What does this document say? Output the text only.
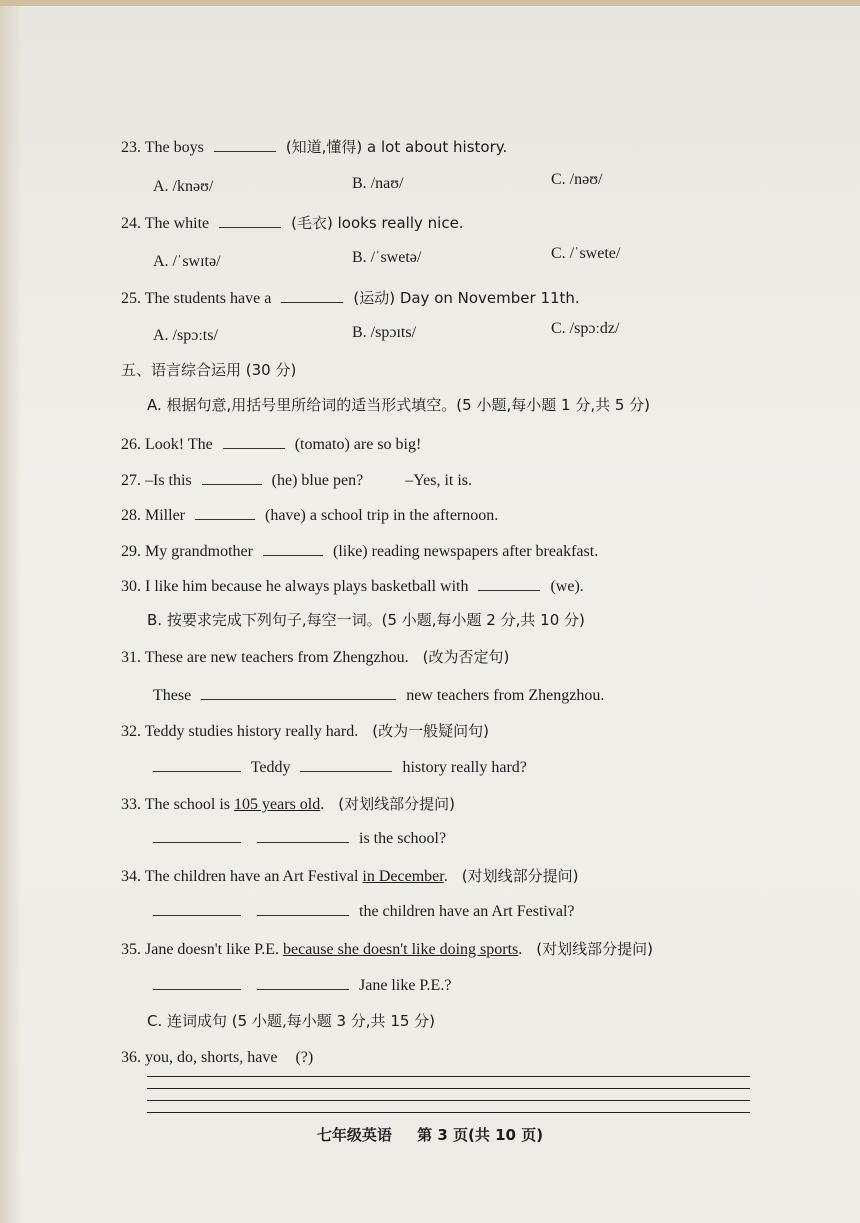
23. The boys	(知道,懂得) a lot about history.
A. /knəʊ/	B. /naʊ/	C. /nəʊ/
24. The white	(毛衣) looks really nice.
A. /ˈswɪtə/	B. /ˈswetə/	C. /ˈswete/
25. The students have a	(运动) Day on November 11th.
A. /spɔːts/	B. /spɔɪts/	C. /spɔːdz/
五、语言综合运用 (30 分)
A. 根据句意,用括号里所给词的适当形式填空。(5 小题,每小题 1 分,共 5 分)
26. Look! The	(tomato) are so big!
27. –Is this	(he) blue pen?	–Yes, it is.
28. Miller	(have) a school trip in the afternoon.
29. My grandmother	(like) reading newspapers after breakfast.
30. I like him because he always plays basketball with	(we).
B. 按要求完成下列句子,每空一词。(5 小题,每小题 2 分,共 10 分)
31. These are new teachers from Zhengzhou. (改为否定句)
These	new teachers from Zhengzhou.
32. Teddy studies history really hard. (改为一般疑问句)
Teddy	history really hard?
33. The school is 105 years old. (对划线部分提问)
is the school?
34. The children have an Art Festival in December. (对划线部分提问)
the children have an Art Festival?
35. Jane doesn't like P.E. because she doesn't like doing sports. (对划线部分提问)
Jane like P.E.?
C. 连词成句 (5 小题,每小题 3 分,共 15 分)
36. you, do, shorts, have (?)
七年级英语 第 3 页(共 10 页)
